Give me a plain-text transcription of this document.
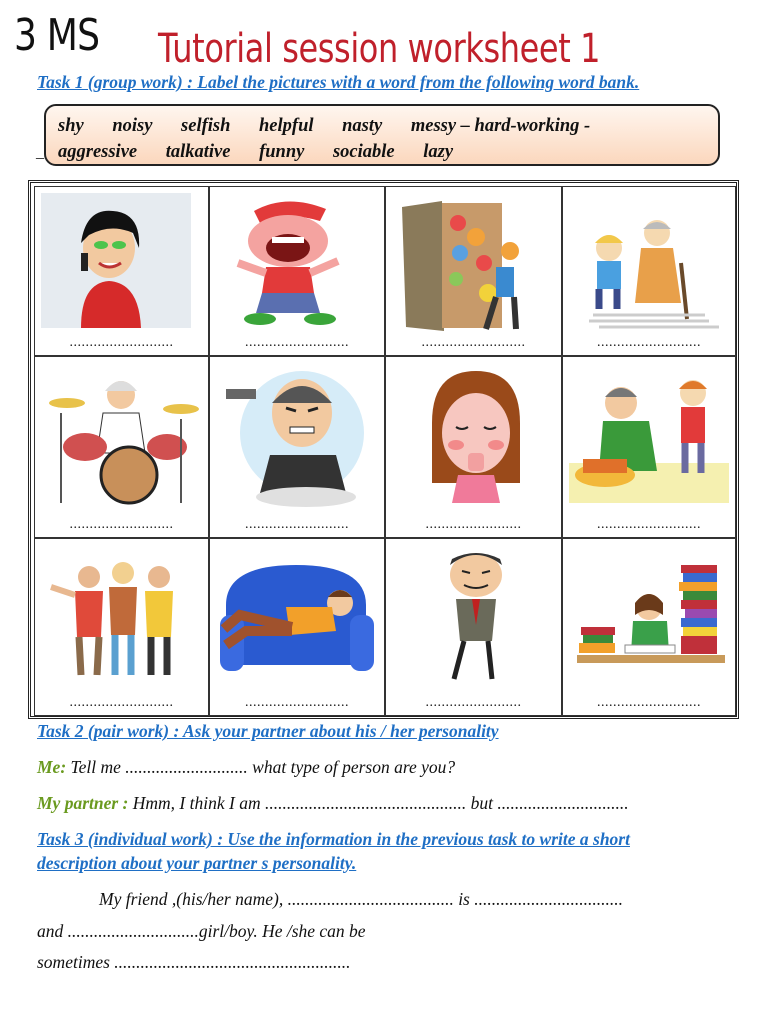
3 MS Tutorial session worksheet 1
Task 1 (group work) : Label the pictures with a word from the following word bank.
shy noisy selfish helpful nasty messy – hard-working -
aggressive talkative funny sociable lazy
_
..........................	..........................	..........................	..........................
..........................	..........................	........................	..........................
..........................	..........................	........................	..........................
Task 2 (pair work) : Ask your partner about his / her personality
Me: Tell me ............................ what type of person are you?
My partner : Hmm, I think I am .............................................. but ..............................
Task 3 (individual work) : Use the information in the previous task to write a short
description about your partner s personality.
My friend ,(his/her name), ...................................... is ..................................
and ..............................girl/boy. He /she can be
sometimes ......................................................
